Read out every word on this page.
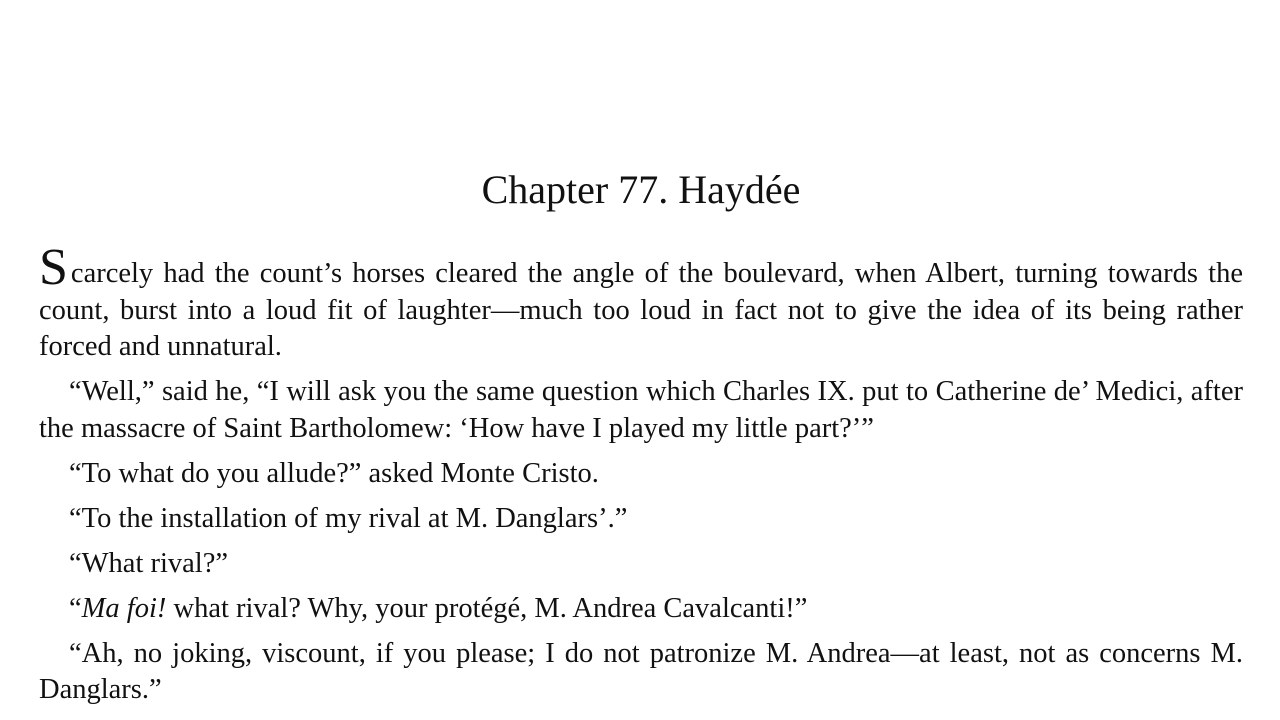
Chapter 77. Haydée

Scarcely had the count’s horses cleared the angle of the boulevard, when Albert, turning towards the count, burst into a loud fit of laughter—much too loud in fact not to give the idea of its being rather forced and unnatural.

“Well,” said he, “I will ask you the same question which Charles IX. put to Catherine de’ Medici, after the massacre of Saint Bartholomew: ‘How have I played my little part?’”

“To what do you allude?” asked Monte Cristo.

“To the installation of my rival at M. Danglars’.”

“What rival?”

“Ma foi! what rival? Why, your protégé, M. Andrea Cavalcanti!”

“Ah, no joking, viscount, if you please; I do not patronize M. Andrea—at least, not as concerns M. Danglars.”
